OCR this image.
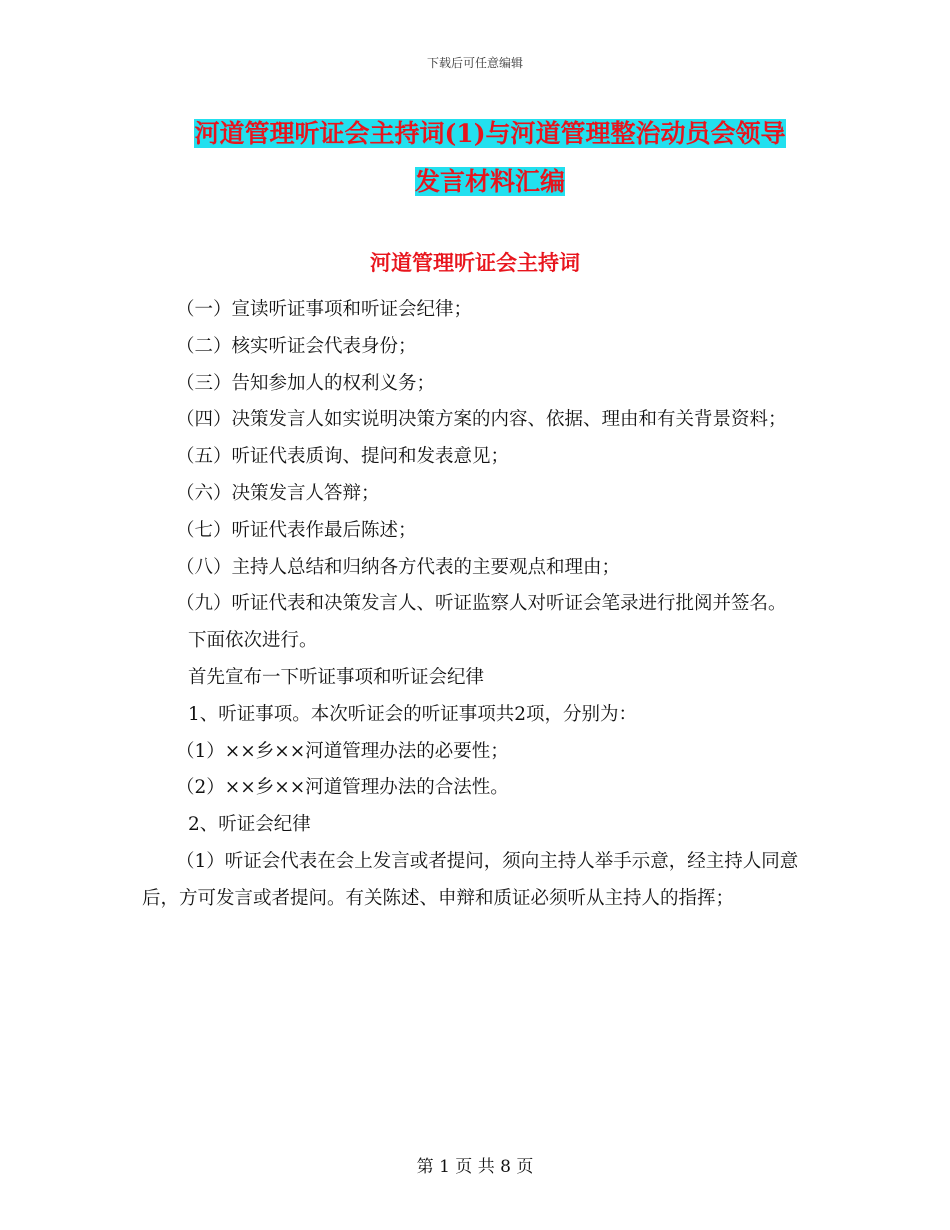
下载后可任意编辑
河道管理听证会主持词(1)与河道管理整治动员会领导
发言材料汇编
河道管理听证会主持词

（一）宣读听证事项和听证会纪律；

（二）核实听证会代表身份；

（三）告知参加人的权利义务；

（四）决策发言人如实说明决策方案的内容、依据、理由和有关背景资料；

（五）听证代表质询、提问和发表意见；

（六）决策发言人答辩；

（七）听证代表作最后陈述；

（八）主持人总结和归纳各方代表的主要观点和理由；

（九）听证代表和决策发言人、听证监察人对听证会笔录进行批阅并签名。

下面依次进行。

首先宣布一下听证事项和听证会纪律

1、听证事项。本次听证会的听证事项共2项，分别为：

（1）××乡××河道管理办法的必要性；

（2）××乡××河道管理办法的合法性。

2、听证会纪律

（1）听证会代表在会上发言或者提问，须向主持人举手示意，经主持人同意后，方可发言或者提问。有关陈述、申辩和质证必须听从主持人的指挥；

第 1 页 共 8 页
